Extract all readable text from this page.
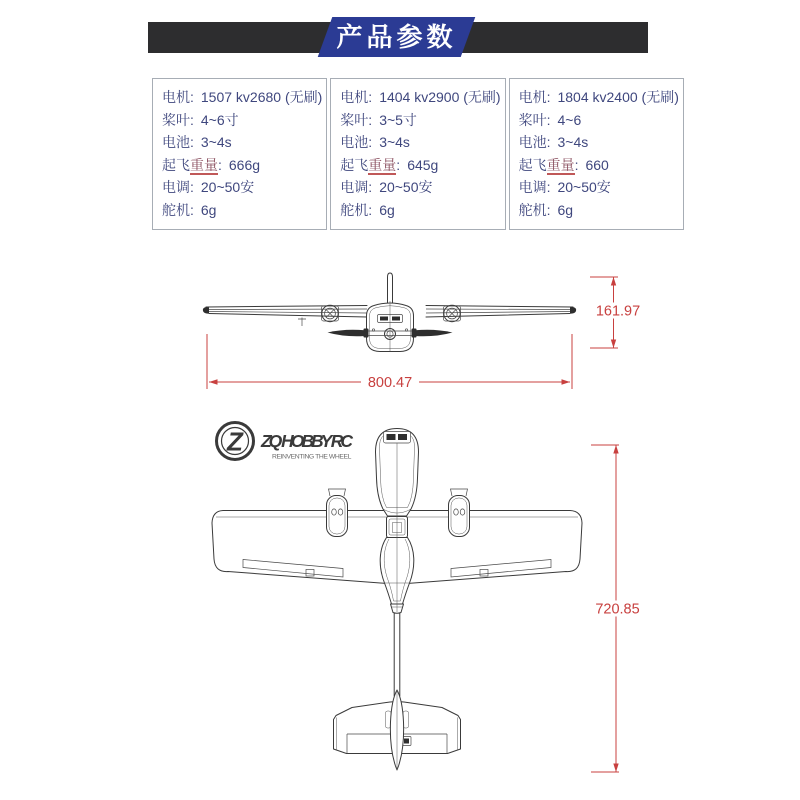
产品参数
电机: 1507 kv2680 (无刷)
桨叶: 4~6寸
电池: 3~4s
起飞重量: 666g
电调: 20~50安
舵机: 6g
电机: 1404 kv2900 (无刷)
桨叶: 3~5寸
电池: 3~4s
起飞重量: 645g
电调: 20~50安
舵机: 6g
电机: 1804 kv2400 (无刷)
桨叶: 4~6
电池: 3~4s
起飞重量: 660
电调: 20~50安
舵机: 6g
161.97
800.47
Z ZQ HOBBY RC
REINVENTING THE WHEEL
720.85
